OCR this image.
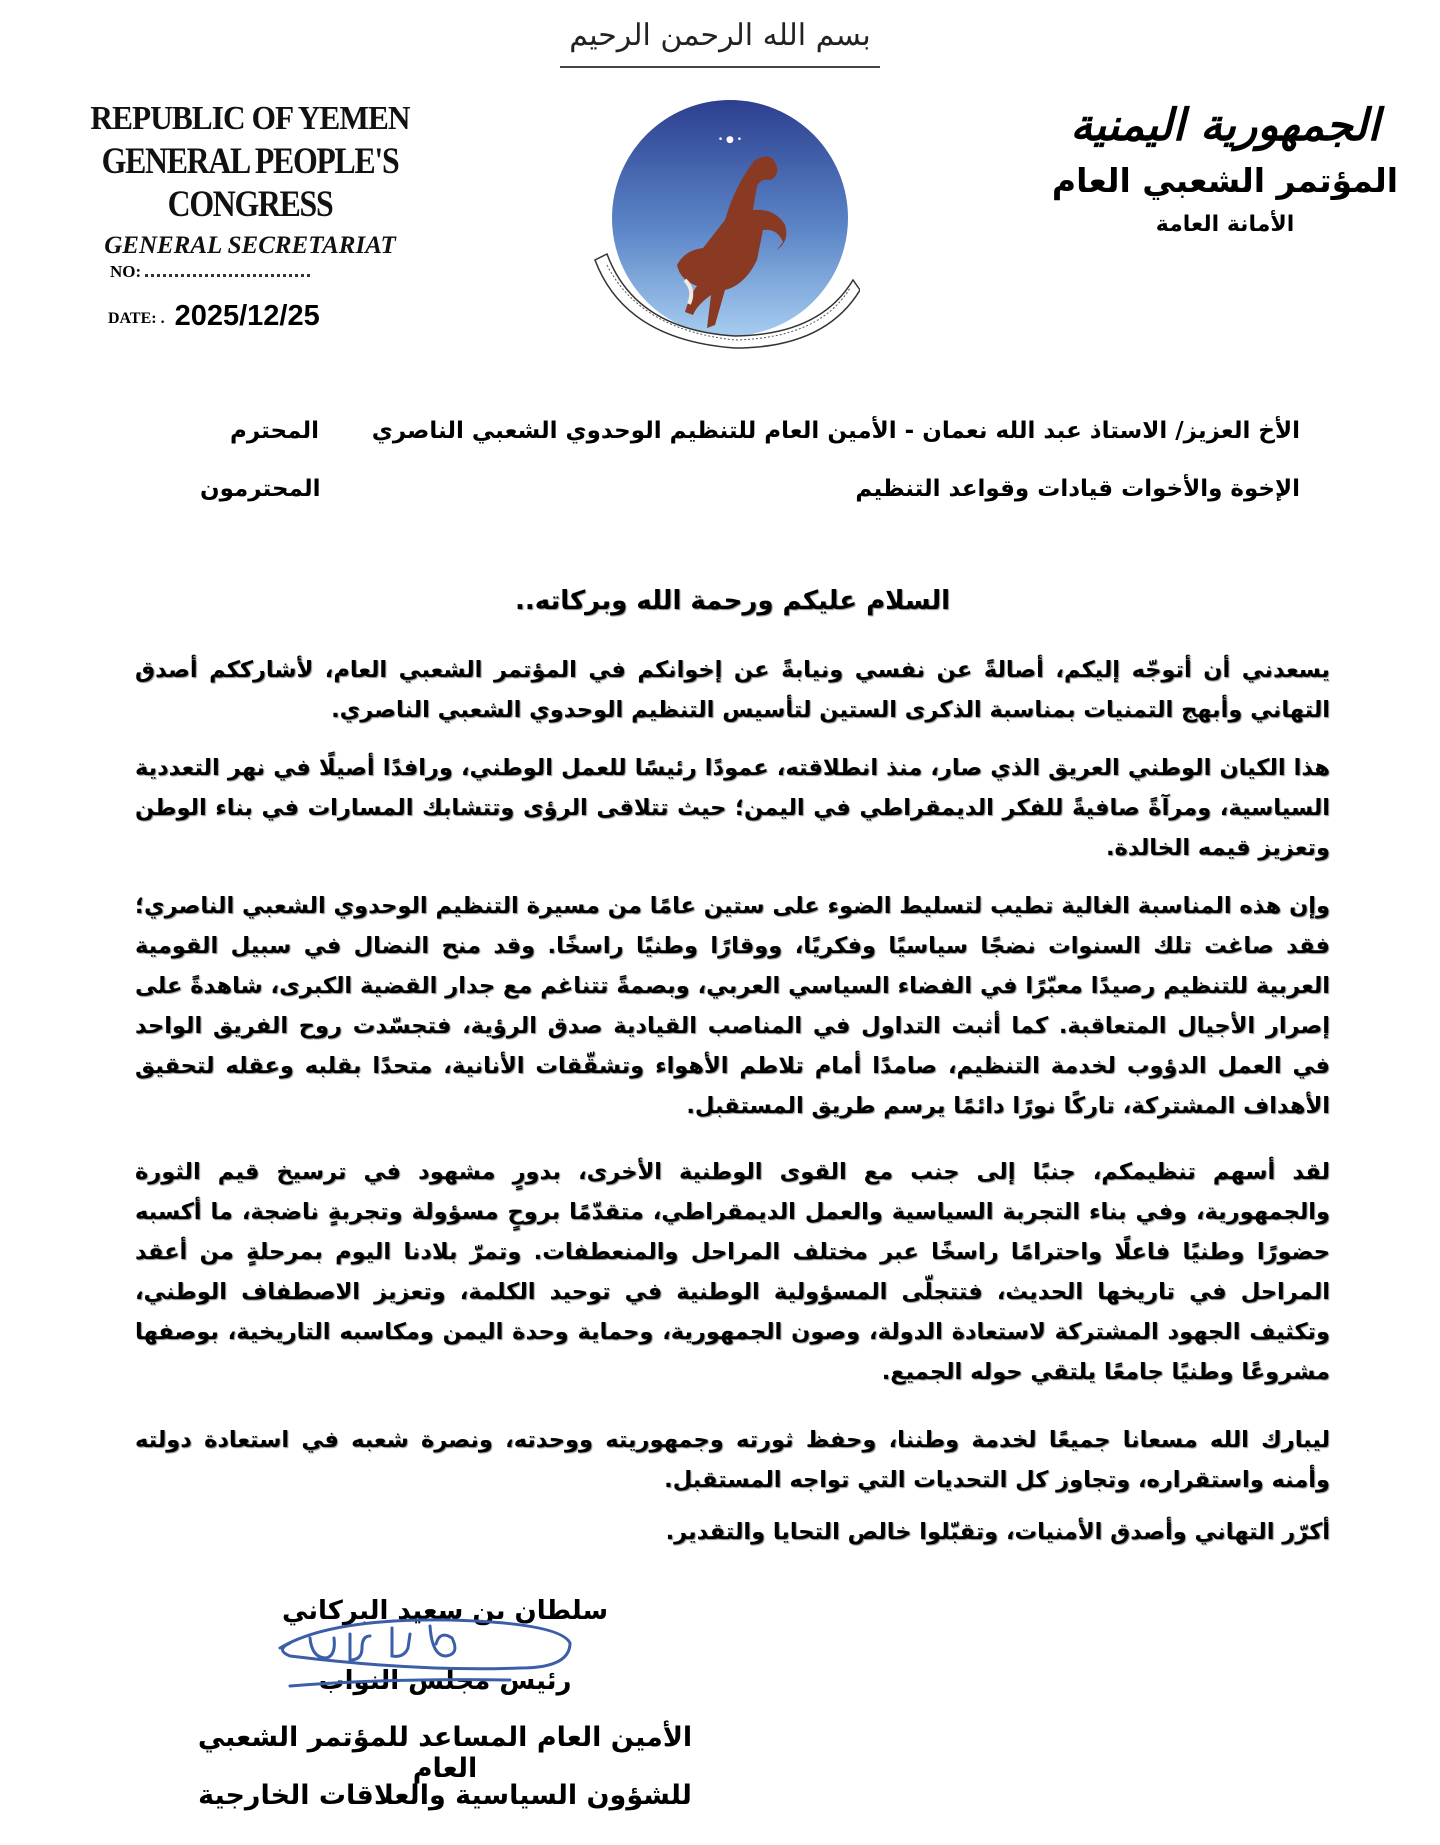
بسم الله الرحمن الرحيم
REPUBLIC OF YEMEN
GENERAL PEOPLE'S CONGRESS
GENERAL SECRETARIAT
NO:
DATE: . 2025/12/25
• ● •	الجمهورية اليمنية
المؤتمر الشعبي العام
الأمانة العامة
الأخ العزيز/ الاستاذ عبد الله نعمان - الأمين العام للتنظيم الوحدوي الشعبي الناصري
المحترم
الإخوة والأخوات قيادات وقواعد التنظيم
المحترمون
السلام عليكم ورحمة الله وبركاته..
يسعدني أن أتوجّه إليكم، أصالةً عن نفسي ونيابةً عن إخوانكم في المؤتمر الشعبي العام، لأشارككم أصدق التهاني وأبهج التمنيات بمناسبة الذكرى الستين لتأسيس التنظيم الوحدوي الشعبي الناصري.
هذا الكيان الوطني العريق الذي صار، منذ انطلاقته، عمودًا رئيسًا للعمل الوطني، ورافدًا أصيلًا في نهر التعددية السياسية، ومرآةً صافيةً للفكر الديمقراطي في اليمن؛ حيث تتلاقى الرؤى وتتشابك المسارات في بناء الوطن وتعزيز قيمه الخالدة.
وإن هذه المناسبة الغالية تطيب لتسليط الضوء على ستين عامًا من مسيرة التنظيم الوحدوي الشعبي الناصري؛ فقد صاغت تلك السنوات نضجًا سياسيًا وفكريًا، ووقارًا وطنيًا راسخًا. وقد منح النضال في سبيل القومية العربية للتنظيم رصيدًا معبّرًا في الفضاء السياسي العربي، وبصمةً تتناغم مع جدار القضية الكبرى، شاهدةً على إصرار الأجيال المتعاقبة. كما أثبت التداول في المناصب القيادية صدق الرؤية، فتجسّدت روح الفريق الواحد في العمل الدؤوب لخدمة التنظيم، صامدًا أمام تلاطم الأهواء وتشقّقات الأنانية، متحدًا بقلبه وعقله لتحقيق الأهداف المشتركة، تاركًا نورًا دائمًا يرسم طريق المستقبل.
لقد أسهم تنظيمكم، جنبًا إلى جنب مع القوى الوطنية الأخرى، بدورٍ مشهود في ترسيخ قيم الثورة والجمهورية، وفي بناء التجربة السياسية والعمل الديمقراطي، متقدّمًا بروحٍ مسؤولة وتجربةٍ ناضجة، ما أكسبه حضورًا وطنيًا فاعلًا واحترامًا راسخًا عبر مختلف المراحل والمنعطفات. وتمرّ بلادنا اليوم بمرحلةٍ من أعقد المراحل في تاريخها الحديث، فتتجلّى المسؤولية الوطنية في توحيد الكلمة، وتعزيز الاصطفاف الوطني، وتكثيف الجهود المشتركة لاستعادة الدولة، وصون الجمهورية، وحماية وحدة اليمن ومكاسبه التاريخية، بوصفها مشروعًا وطنيًا جامعًا يلتقي حوله الجميع.
ليبارك الله مسعانا جميعًا لخدمة وطننا، وحفظ ثورته وجمهوريته ووحدته، ونصرة شعبه في استعادة دولته وأمنه واستقراره، وتجاوز كل التحديات التي تواجه المستقبل.
أكرّر التهاني وأصدق الأمنيات، وتقبّلوا خالص التحايا والتقدير.
سلطان بن سعيد البركاني
رئيس مجلس النواب
الأمين العام المساعد للمؤتمر الشعبي العام
للشؤون السياسية والعلاقات الخارجية
